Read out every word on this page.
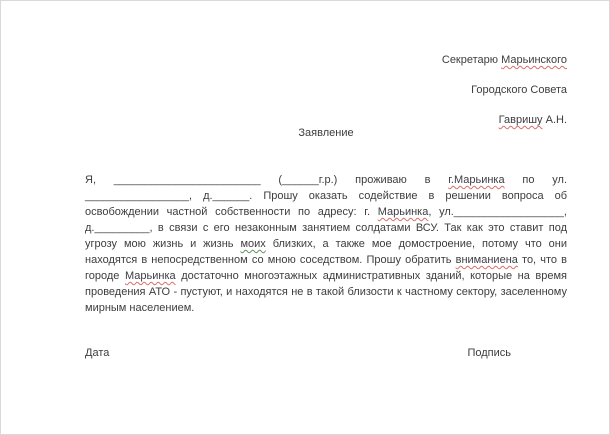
Секретарю Марьинского
Городского Совета
Гавришу А.Н.
Заявление

Я, ________________________ (______г.р.) проживаю в г.Марьинка по ул. _________________, д.______. Прошу оказать содействие в решении вопроса об освобождении частной собственности по адресу: г. Марьинка, ул.__________________, д._________, в связи с его незаконным занятием солдатами ВСУ. Так как это ставит под угрозу мою жизнь и жизнь моих близких, а также мое домостроение, потому что они находятся в непосредственном со мною соседством. Прошу обратить вниманиена то, что в городе Марьинка достаточно многоэтажных административных зданий, которые на время проведения АТО - пустуют, и находятся не в такой близости к частному сектору, заселенному мирным населением.

Дата	Подпись
